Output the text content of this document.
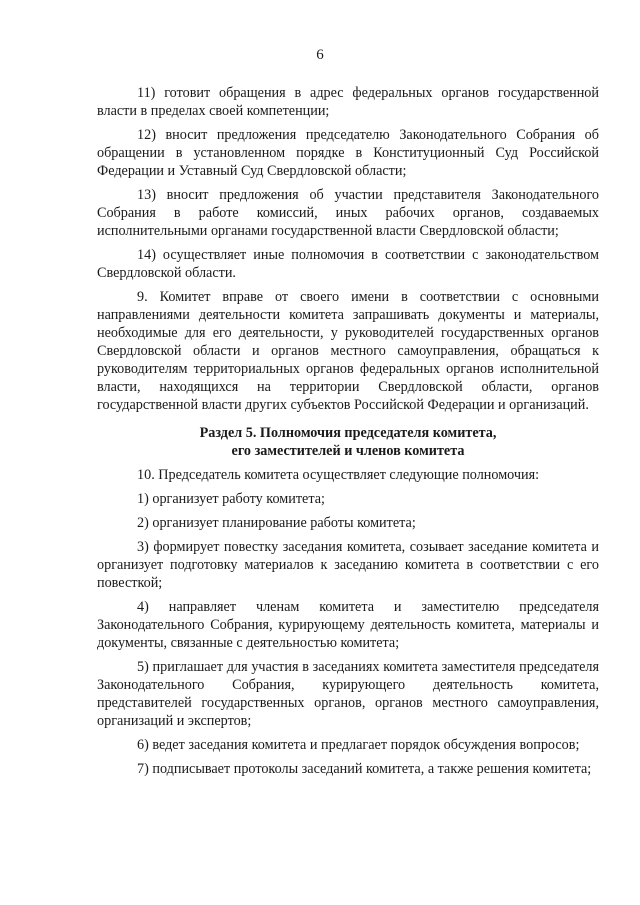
6

11) готовит обращения в адрес федеральных органов государственной власти в пределах своей компетенции;

12) вносит предложения председателю Законодательного Собрания об обращении в установленном порядке в Конституционный Суд Российской Федерации и Уставный Суд Свердловской области;

13) вносит предложения об участии представителя Законодательного Собрания в работе комиссий, иных рабочих органов, создаваемых исполнительными органами государственной власти Свердловской области;

14) осуществляет иные полномочия в соответствии с законодательством Свердловской области.

9. Комитет вправе от своего имени в соответствии с основными направлениями деятельности комитета запрашивать документы и материалы, необходимые для его деятельности, у руководителей государственных органов Свердловской области и органов местного самоуправления, обращаться к руководителям территориальных органов федеральных органов исполнительной власти, находящихся на территории Свердловской области, органов государственной власти других субъектов Российской Федерации и организаций.

Раздел 5. Полномочия председателя комитета,
его заместителей и членов комитета

10. Председатель комитета осуществляет следующие полномочия:

1) организует работу комитета;

2) организует планирование работы комитета;

3) формирует повестку заседания комитета, созывает заседание комитета и организует подготовку материалов к заседанию комитета в соответствии с его повесткой;

4) направляет членам комитета и заместителю председателя Законодательного Собрания, курирующему деятельность комитета, материалы и документы, связанные с деятельностью комитета;

5) приглашает для участия в заседаниях комитета заместителя председателя Законодательного Собрания, курирующего деятельность комитета, представителей государственных органов, органов местного самоуправления, организаций и экспертов;

6) ведет заседания комитета и предлагает порядок обсуждения вопросов;

7) подписывает протоколы заседаний комитета, а также решения комитета;
